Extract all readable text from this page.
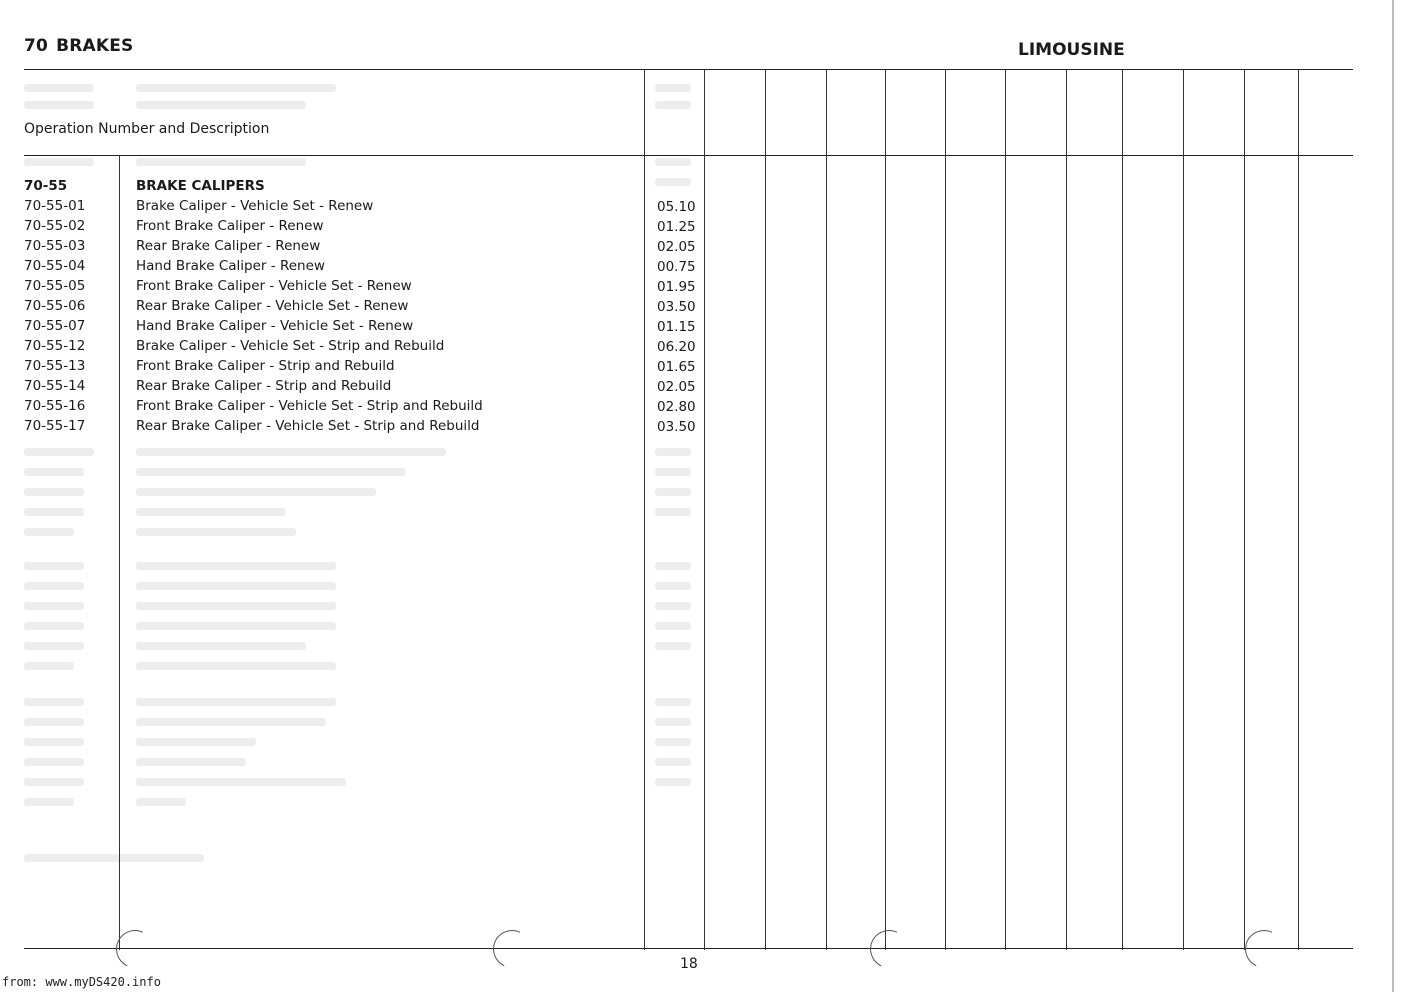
70 BRAKES	LIMOUSINE
Operation Number and Description
70-55	BRAKE CALIPERS
70-55-01	Brake Caliper - Vehicle Set - Renew	05.10
70-55-02	Front Brake Caliper - Renew	01.25
70-55-03	Rear Brake Caliper - Renew	02.05
70-55-04	Hand Brake Caliper - Renew	00.75
70-55-05	Front Brake Caliper - Vehicle Set - Renew	01.95
70-55-06	Rear Brake Caliper - Vehicle Set - Renew	03.50
70-55-07	Hand Brake Caliper - Vehicle Set - Renew	01.15
70-55-12	Brake Caliper - Vehicle Set - Strip and Rebuild	06.20
70-55-13	Front Brake Caliper - Strip and Rebuild	01.65
70-55-14	Rear Brake Caliper - Strip and Rebuild	02.05
70-55-16	Front Brake Caliper - Vehicle Set - Strip and Rebuild	02.80
70-55-17	Rear Brake Caliper - Vehicle Set - Strip and Rebuild	03.50
18
from: www.myDS420.info
